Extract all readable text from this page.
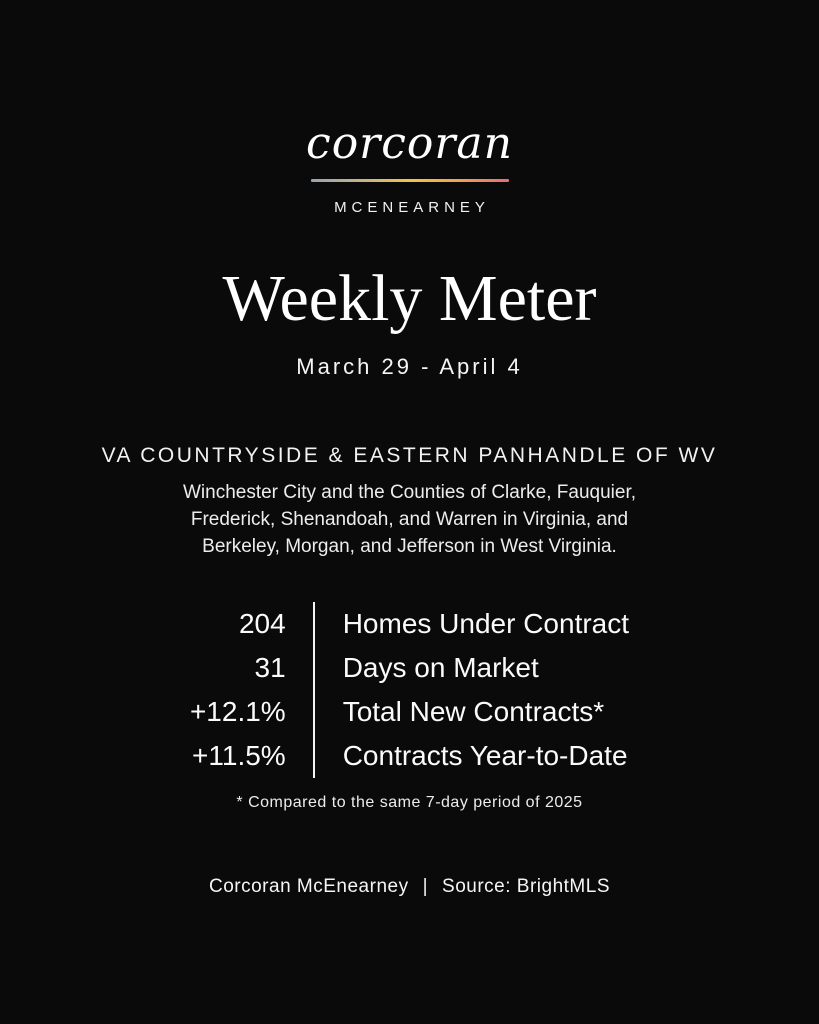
corcoran
MCENEARNEY
Weekly Meter
March 29 - April 4
VA COUNTRYSIDE & EASTERN PANHANDLE OF WV
Winchester City and the Counties of Clarke, Fauquier,
Frederick, Shenandoah, and Warren in Virginia, and
Berkeley, Morgan, and Jefferson in West Virginia.
204
31
+12.1%
+11.5%
Homes Under Contract
Days on Market
Total New Contracts*
Contracts Year-to-Date
* Compared to the same 7-day period of 2025
Corcoran McEnearney | Source: BrightMLS
